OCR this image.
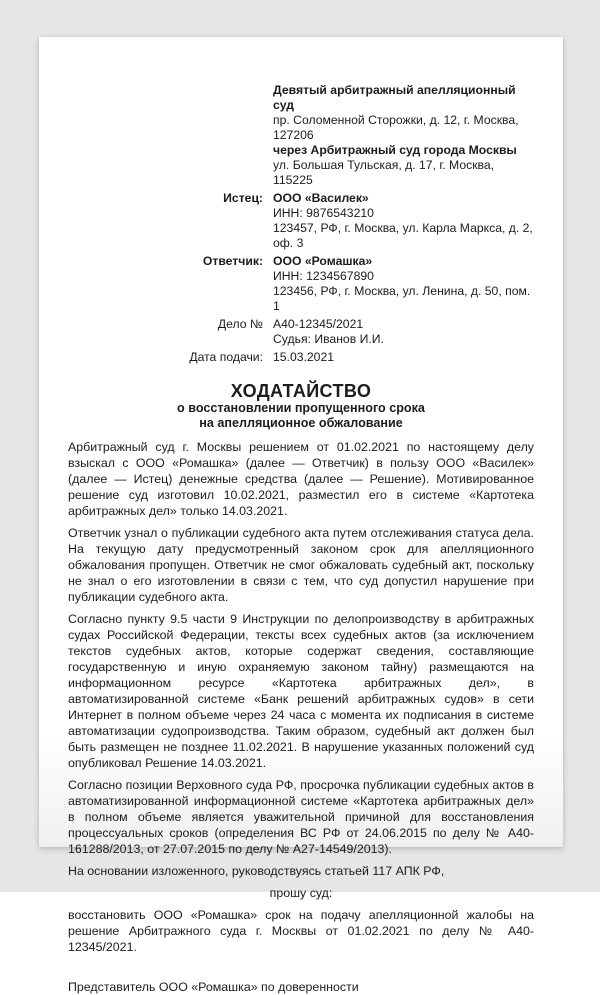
Девятый арбитражный апелляционный суд
пр. Соломенной Сторожки, д. 12, г. Москва, 127206
через Арбитражный суд города Москвы
ул. Большая Тульская, д. 17, г. Москва, 115225
Истец: ООО «Василек»
ИНН: 9876543210
123457, РФ, г. Москва, ул. Карла Маркса, д. 2, оф. 3
Ответчик: ООО «Ромашка»
ИНН: 1234567890
123456, РФ, г. Москва, ул. Ленина, д. 50, пом. 1
Дело № А40-12345/2021
Судья: Иванов И.И.
Дата подачи: 15.03.2021
ХОДАТАЙСТВО
о восстановлении пропущенного срока
на апелляционное обжалование

Арбитражный суд г. Москвы решением от 01.02.2021 по настоящему делу взыскал с ООО «Ромашка» (далее — Ответчик) в пользу ООО «Василек» (далее — Истец) денежные средства (далее — Решение). Мотивированное решение суд изготовил 10.02.2021, разместил его в системе «Картотека арбитражных дел» только 14.03.2021.

Ответчик узнал о публикации судебного акта путем отслеживания статуса дела. На текущую дату предусмотренный законом срок для апелляционного обжалования пропущен. Ответчик не смог обжаловать судебный акт, поскольку не знал о его изготовлении в связи с тем, что суд допустил нарушение при публикации судебного акта.

Согласно пункту 9.5 части 9 Инструкции по делопроизводству в арбитражных судах Российской Федерации, тексты всех судебных актов (за исключением текстов судебных актов, которые содержат сведения, составляющие государственную и иную охраняемую законом тайну) размещаются на информационном ресурсе «Картотека арбитражных дел», в автоматизированной системе «Банк решений арбитражных судов» в сети Интернет в полном объеме через 24 часа с момента их подписания в системе автоматизации судопроизводства. Таким образом, судебный акт должен был быть размещен не позднее 11.02.2021. В нарушение указанных положений суд опубликовал Решение 14.03.2021.

Согласно позиции Верховного суда РФ, просрочка публикации судебных актов в автоматизированной информационной системе «Картотека арбитражных дел» в полном объеме является уважительной причиной для восстановления процессуальных сроков (определения ВС РФ от 24.06.2015 по делу № А40-161288/2013, от 27.07.2015 по делу № А27-14549/2013).

На основании изложенного, руководствуясь статьей 117 АПК РФ,

прошу суд:

восстановить ООО «Ромашка» срок на подачу апелляционной жалобы на решение Арбитражного суда г. Москвы от 01.02.2021 по делу № А40-12345/2021.

Представитель ООО «Ромашка» по доверенности
